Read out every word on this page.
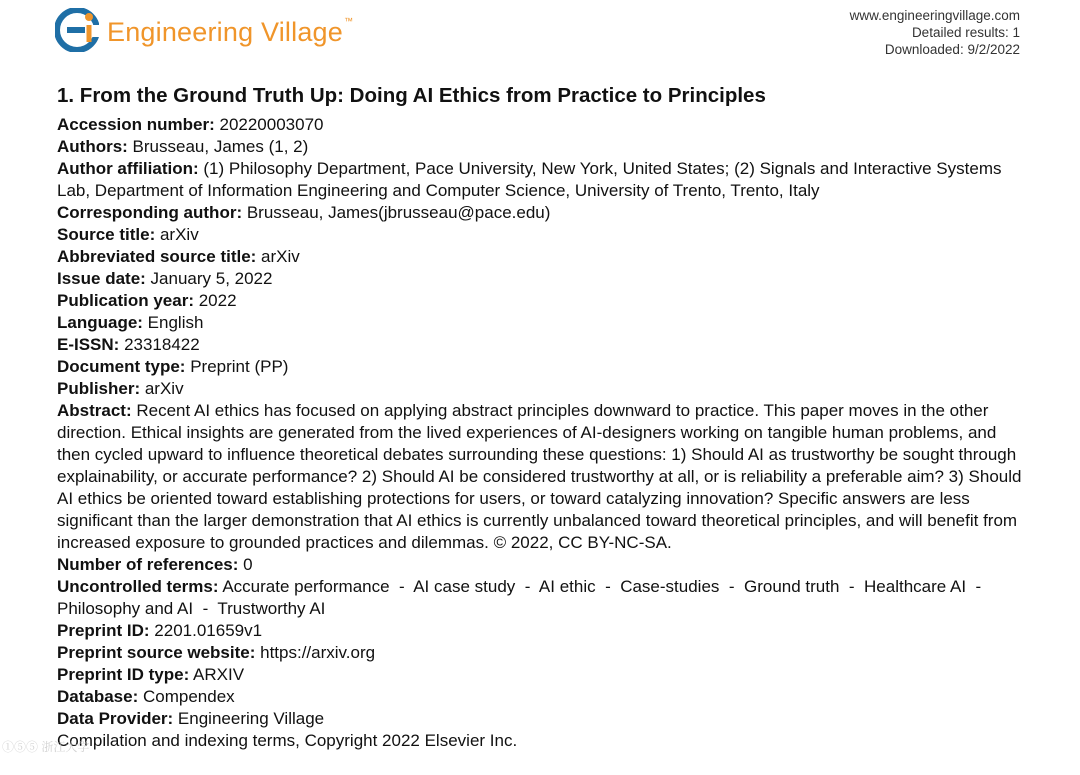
Engineering Village™	www.engineeringvillage.com
Detailed results: 1
Downloaded: 9/2/2022
1. From the Ground Truth Up: Doing AI Ethics from Practice to Principles
Accession number: 20220003070
Authors: Brusseau, James (1, 2)
Author affiliation: (1) Philosophy Department, Pace University, New York, United States; (2) Signals and Interactive Systems Lab, Department of Information Engineering and Computer Science, University of Trento, Trento, Italy
Corresponding author: Brusseau, James(jbrusseau@pace.edu)
Source title: arXiv
Abbreviated source title: arXiv
Issue date: January 5, 2022
Publication year: 2022
Language: English
E-ISSN: 23318422
Document type: Preprint (PP)
Publisher: arXiv
Abstract: Recent AI ethics has focused on applying abstract principles downward to practice. This paper moves in the other direction. Ethical insights are generated from the lived experiences of AI-designers working on tangible human problems, and then cycled upward to influence theoretical debates surrounding these questions: 1) Should AI as trustworthy be sought through explainability, or accurate performance? 2) Should AI be considered trustworthy at all, or is reliability a preferable aim? 3) Should AI ethics be oriented toward establishing protections for users, or toward catalyzing innovation? Specific answers are less significant than the larger demonstration that AI ethics is currently unbalanced toward theoretical principles, and will benefit from increased exposure to grounded practices and dilemmas. © 2022, CC BY-NC-SA.
Number of references: 0
Uncontrolled terms: Accurate performance  -  AI case study  -  AI ethic  -  Case-studies  -  Ground truth  -  Healthcare AI  -  Philosophy and AI  -  Trustworthy AI
Preprint ID: 2201.01659v1
Preprint source website: https://arxiv.org
Preprint ID type: ARXIV
Database: Compendex
Data Provider: Engineering Village
Compilation and indexing terms, Copyright 2022 Elsevier Inc.
①⑤⑤ 浙江大学
